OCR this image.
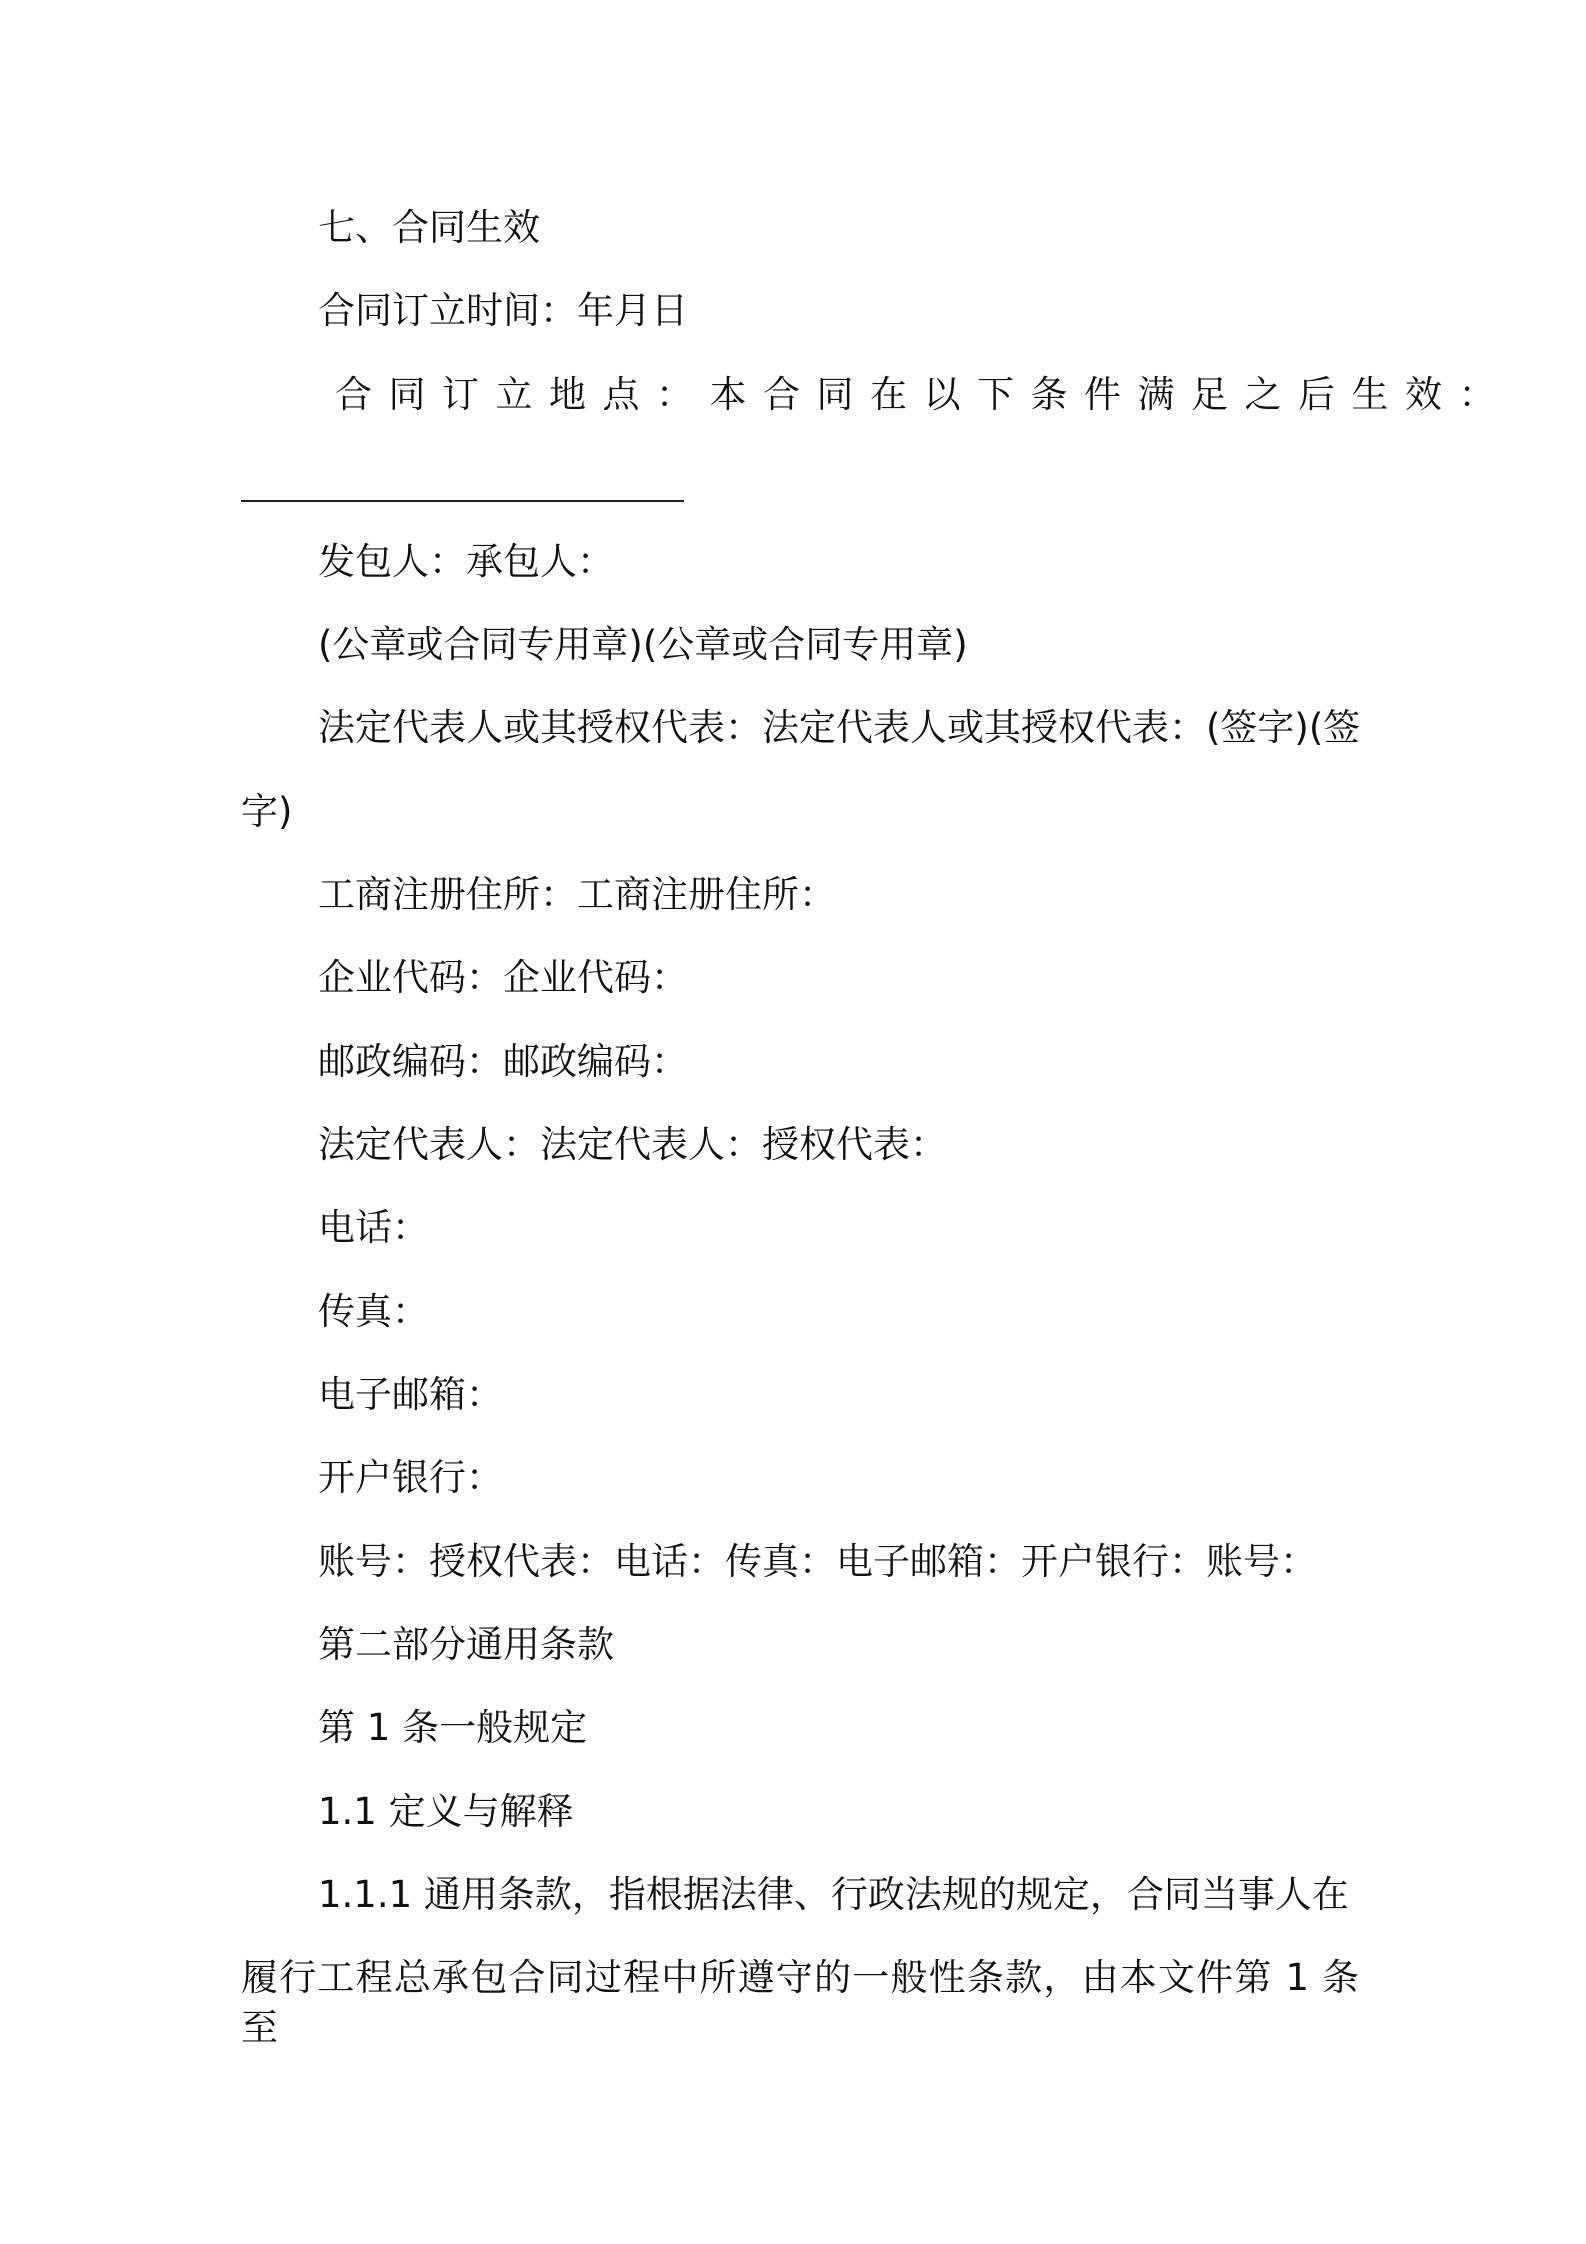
七、合同生效

合同订立时间：年月日

合同订立地点：本合同在以下条件满足之后生效：

发包人：承包人：

(公章或合同专用章)(公章或合同专用章)

法定代表人或其授权代表：法定代表人或其授权代表：(签字)(签

字)

工商注册住所：工商注册住所：

企业代码：企业代码：

邮政编码：邮政编码：

法定代表人：法定代表人：授权代表：

电话：

传真：

电子邮箱：

开户银行：

账号：授权代表：电话：传真：电子邮箱：开户银行：账号：

第二部分通用条款

第 1 条一般规定

1.1 定义与解释

1.1.1 通用条款，指根据法律、行政法规的规定，合同当事人在

履行工程总承包合同过程中所遵守的一般性条款，由本文件第 1 条至
